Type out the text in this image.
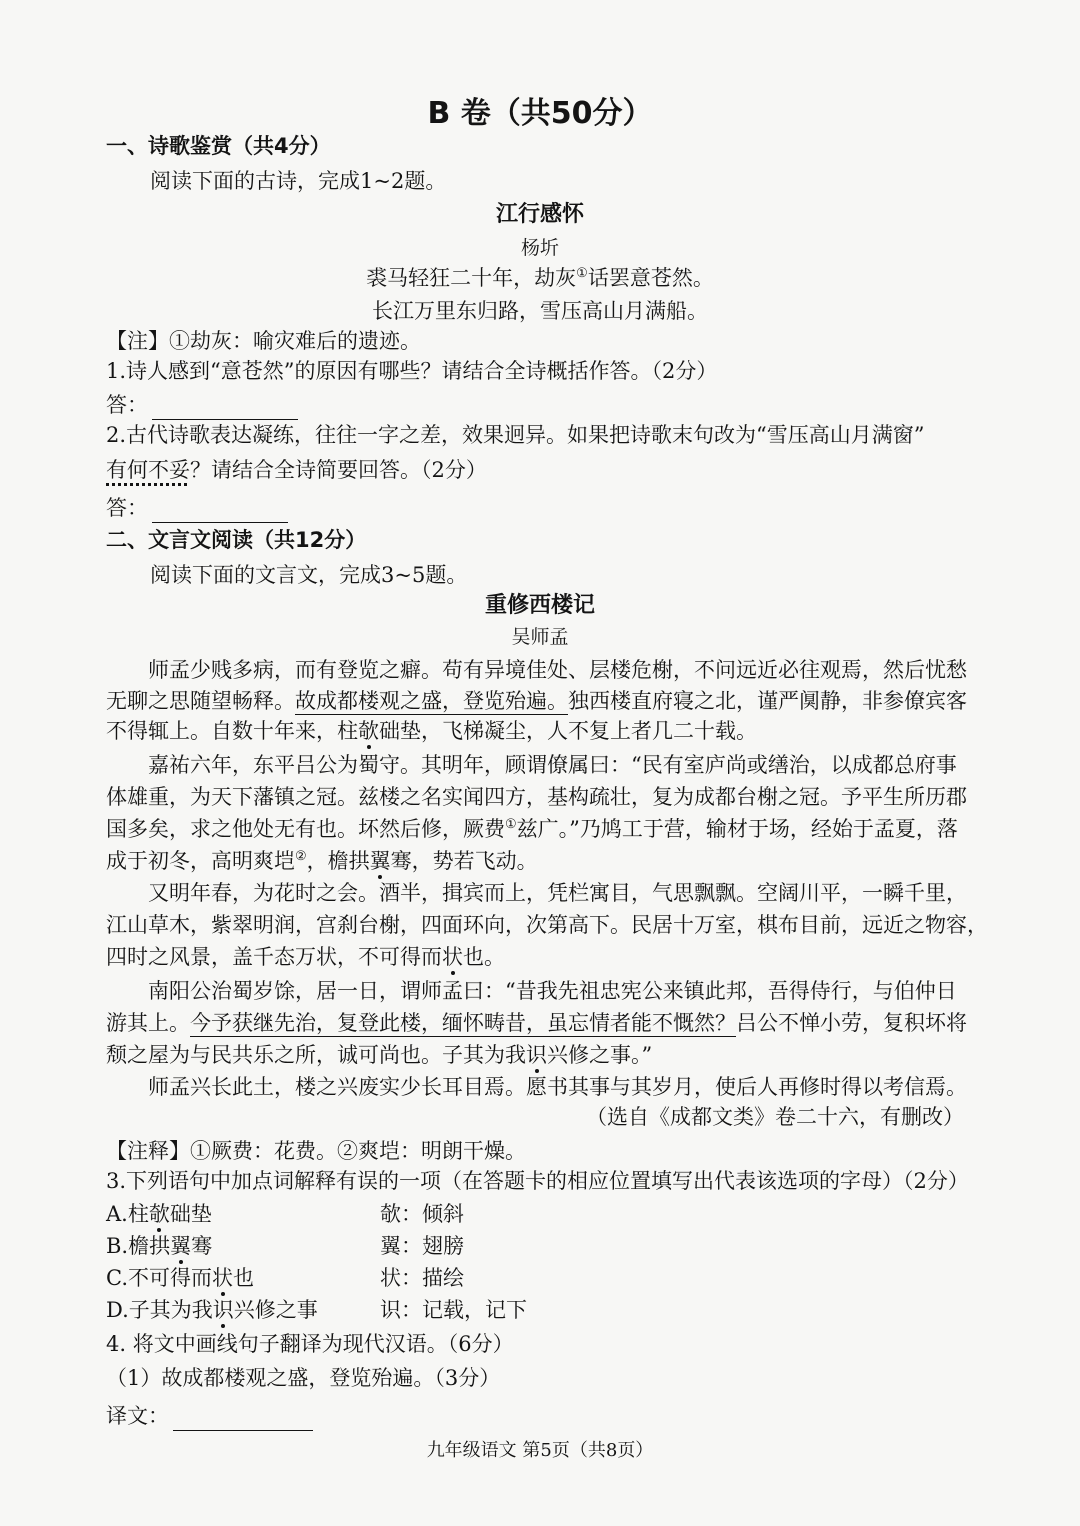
B 卷（共50分）
一、诗歌鉴赏（共4分）
阅读下面的古诗，完成1~2题。
江行感怀
杨圻
裘马轻狂二十年，劫灰①话罢意苍然。
长江万里东归路，雪压高山月满船。
【注】①劫灰：喻灾难后的遗迹。
1.诗人感到“意苍然”的原因有哪些？请结合全诗概括作答。（2分）
答：
2.古代诗歌表达凝练，往往一字之差，效果迥异。如果把诗歌末句改为“雪压高山月满窗”
有何不妥？请结合全诗简要回答。（2分）
答：
二、文言文阅读（共12分）
阅读下面的文言文，完成3~5题。
重修西楼记
吴师孟
师孟少贱多病，而有登览之癖。苟有异境佳处、层楼危榭，不问远近必往观焉，然后忧愁
无聊之思随望畅释。故成都楼观之盛，登览殆遍。独西楼直府寝之北，谨严阒静，非参僚宾客
不得辄上。自数十年来，柱欹础垫，飞梯凝尘，人不复上者几二十载。
嘉祐六年，东平吕公为蜀守。其明年，顾谓僚属曰：“民有室庐尚或缮治，以成都总府事
体雄重，为天下藩镇之冠。兹楼之名实闻四方，基构疏壮，复为成都台榭之冠。予平生所历郡
国多矣，求之他处无有也。坏然后修，厥费①兹广。”乃鸠工于营，输材于场，经始于孟夏，落
成于初冬，高明爽垲②，檐拱翼骞，势若飞动。
又明年春，为花时之会。酒半，揖宾而上，凭栏寓目，气思飘飘。空阔川平，一瞬千里，
江山草木，紫翠明润，宫刹台榭，四面环向，次第高下。民居十万室，棋布目前，远近之物容，
四时之风景，盖千态万状，不可得而状也。
南阳公治蜀岁馀，居一日，谓师孟曰：“昔我先祖忠宪公来镇此邦，吾得侍行，与伯仲日
游其上。今予获继先治，复登此楼，缅怀畴昔，虽忘情者能不慨然？吕公不惮小劳，复积坏将
颓之屋为与民共乐之所，诚可尚也。子其为我识兴修之事。”
师孟兴长此土，楼之兴废实少长耳目焉。愿书其事与其岁月，使后人再修时得以考信焉。
（选自《成都文类》卷二十六，有删改）
【注释】①厥费：花费。②爽垲：明朗干燥。
3.下列语句中加点词解释有误的一项（在答题卡的相应位置填写出代表该选项的字母）（2分）
A.柱欹础垫	欹：倾斜
B.檐拱翼骞	翼：翅膀
C.不可得而状也	状：描绘
D.子其为我识兴修之事	识：记载，记下
4. 将文中画线句子翻译为现代汉语。（6分）
（1）故成都楼观之盛，登览殆遍。（3分）
译文：
九年级语文 第5页（共8页）
